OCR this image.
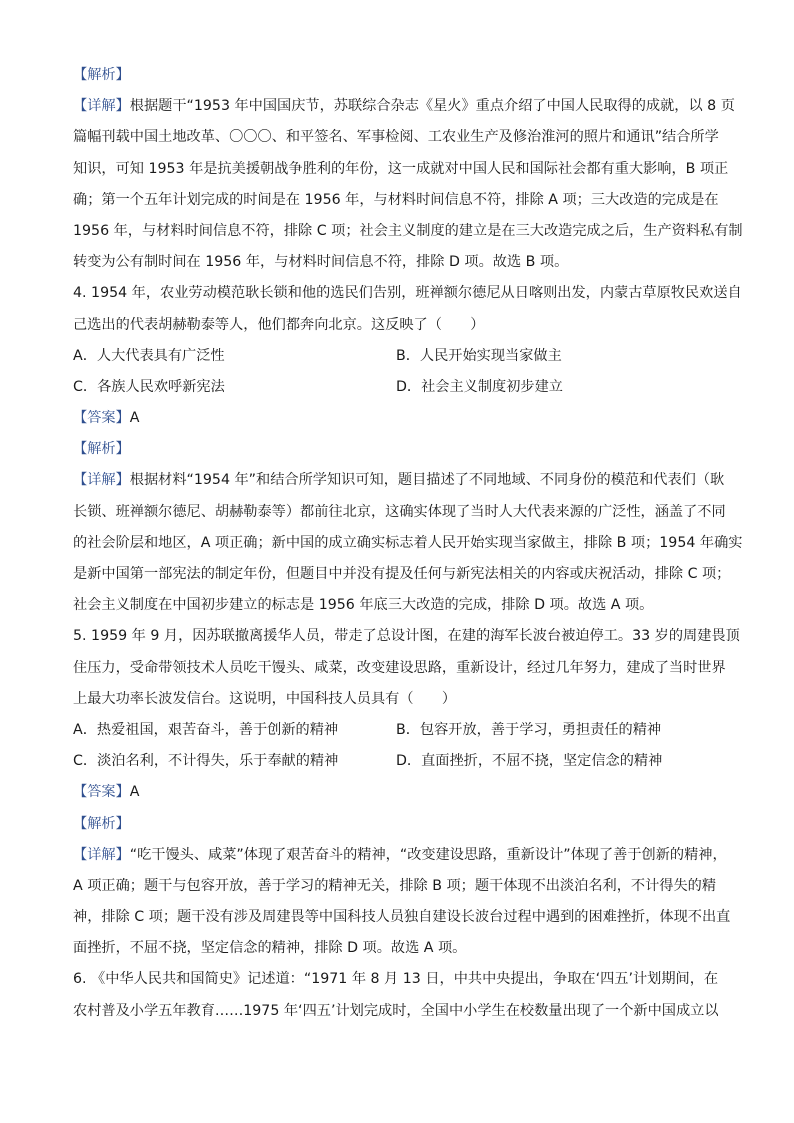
【解析】
【详解】根据题干“1953 年中国国庆节，苏联综合杂志《星火》重点介绍了中国人民取得的成就，以 8 页
篇幅刊载中国土地改革、〇〇〇、和平签名、军事检阅、工农业生产及修治淮河的照片和通讯”结合所学
知识，可知 1953 年是抗美援朝战争胜利的年份，这一成就对中国人民和国际社会都有重大影响，B 项正
确；第一个五年计划完成的时间是在 1956 年，与材料时间信息不符，排除 A 项；三大改造的完成是在
1956 年，与材料时间信息不符，排除 C 项；社会主义制度的建立是在三大改造完成之后，生产资料私有制
转变为公有制时间在 1956 年，与材料时间信息不符，排除 D 项。故选 B 项。
4. 1954 年，农业劳动模范耿长锁和他的选民们告别，班禅额尔德尼从日喀则出发，内蒙古草原牧民欢送自
己选出的代表胡赫勒泰等人，他们都奔向北京。这反映了（　　）
A．人大代表具有广泛性	B．人民开始实现当家做主
C．各族人民欢呼新宪法	D．社会主义制度初步建立
【答案】A
【解析】
【详解】根据材料“1954 年”和结合所学知识可知，题目描述了不同地域、不同身份的模范和代表们（耿
长锁、班禅额尔德尼、胡赫勒泰等）都前往北京，这确实体现了当时人大代表来源的广泛性，涵盖了不同
的社会阶层和地区，A 项正确；新中国的成立确实标志着人民开始实现当家做主，排除 B 项；1954 年确实
是新中国第一部宪法的制定年份，但题目中并没有提及任何与新宪法相关的内容或庆祝活动，排除 C 项；
社会主义制度在中国初步建立的标志是 1956 年底三大改造的完成，排除 D 项。故选 A 项。
5. 1959 年 9 月，因苏联撤离援华人员，带走了总设计图，在建的海军长波台被迫停工。33 岁的周建畏顶
住压力，受命带领技术人员吃干馒头、咸菜，改变建设思路，重新设计，经过几年努力，建成了当时世界
上最大功率长波发信台。这说明，中国科技人员具有（　　）
A．热爱祖国，艰苦奋斗，善于创新的精神	B．包容开放，善于学习，勇担责任的精神
C．淡泊名利，不计得失，乐于奉献的精神	D．直面挫折，不屈不挠，坚定信念的精神
【答案】A
【解析】
【详解】“吃干馒头、咸菜”体现了艰苦奋斗的精神，“改变建设思路，重新设计”体现了善于创新的精神，
A 项正确；题干与包容开放，善于学习的精神无关，排除 B 项；题干体现不出淡泊名利，不计得失的精
神，排除 C 项；题干没有涉及周建畏等中国科技人员独自建设长波台过程中遇到的困难挫折，体现不出直
面挫折，不屈不挠，坚定信念的精神，排除 D 项。故选 A 项。
6. 《中华人民共和国简史》记述道：“1971 年 8 月 13 日，中共中央提出，争取在‘四五’计划期间，在
农村普及小学五年教育……1975 年‘四五’计划完成时，全国中小学生在校数量出现了一个新中国成立以
